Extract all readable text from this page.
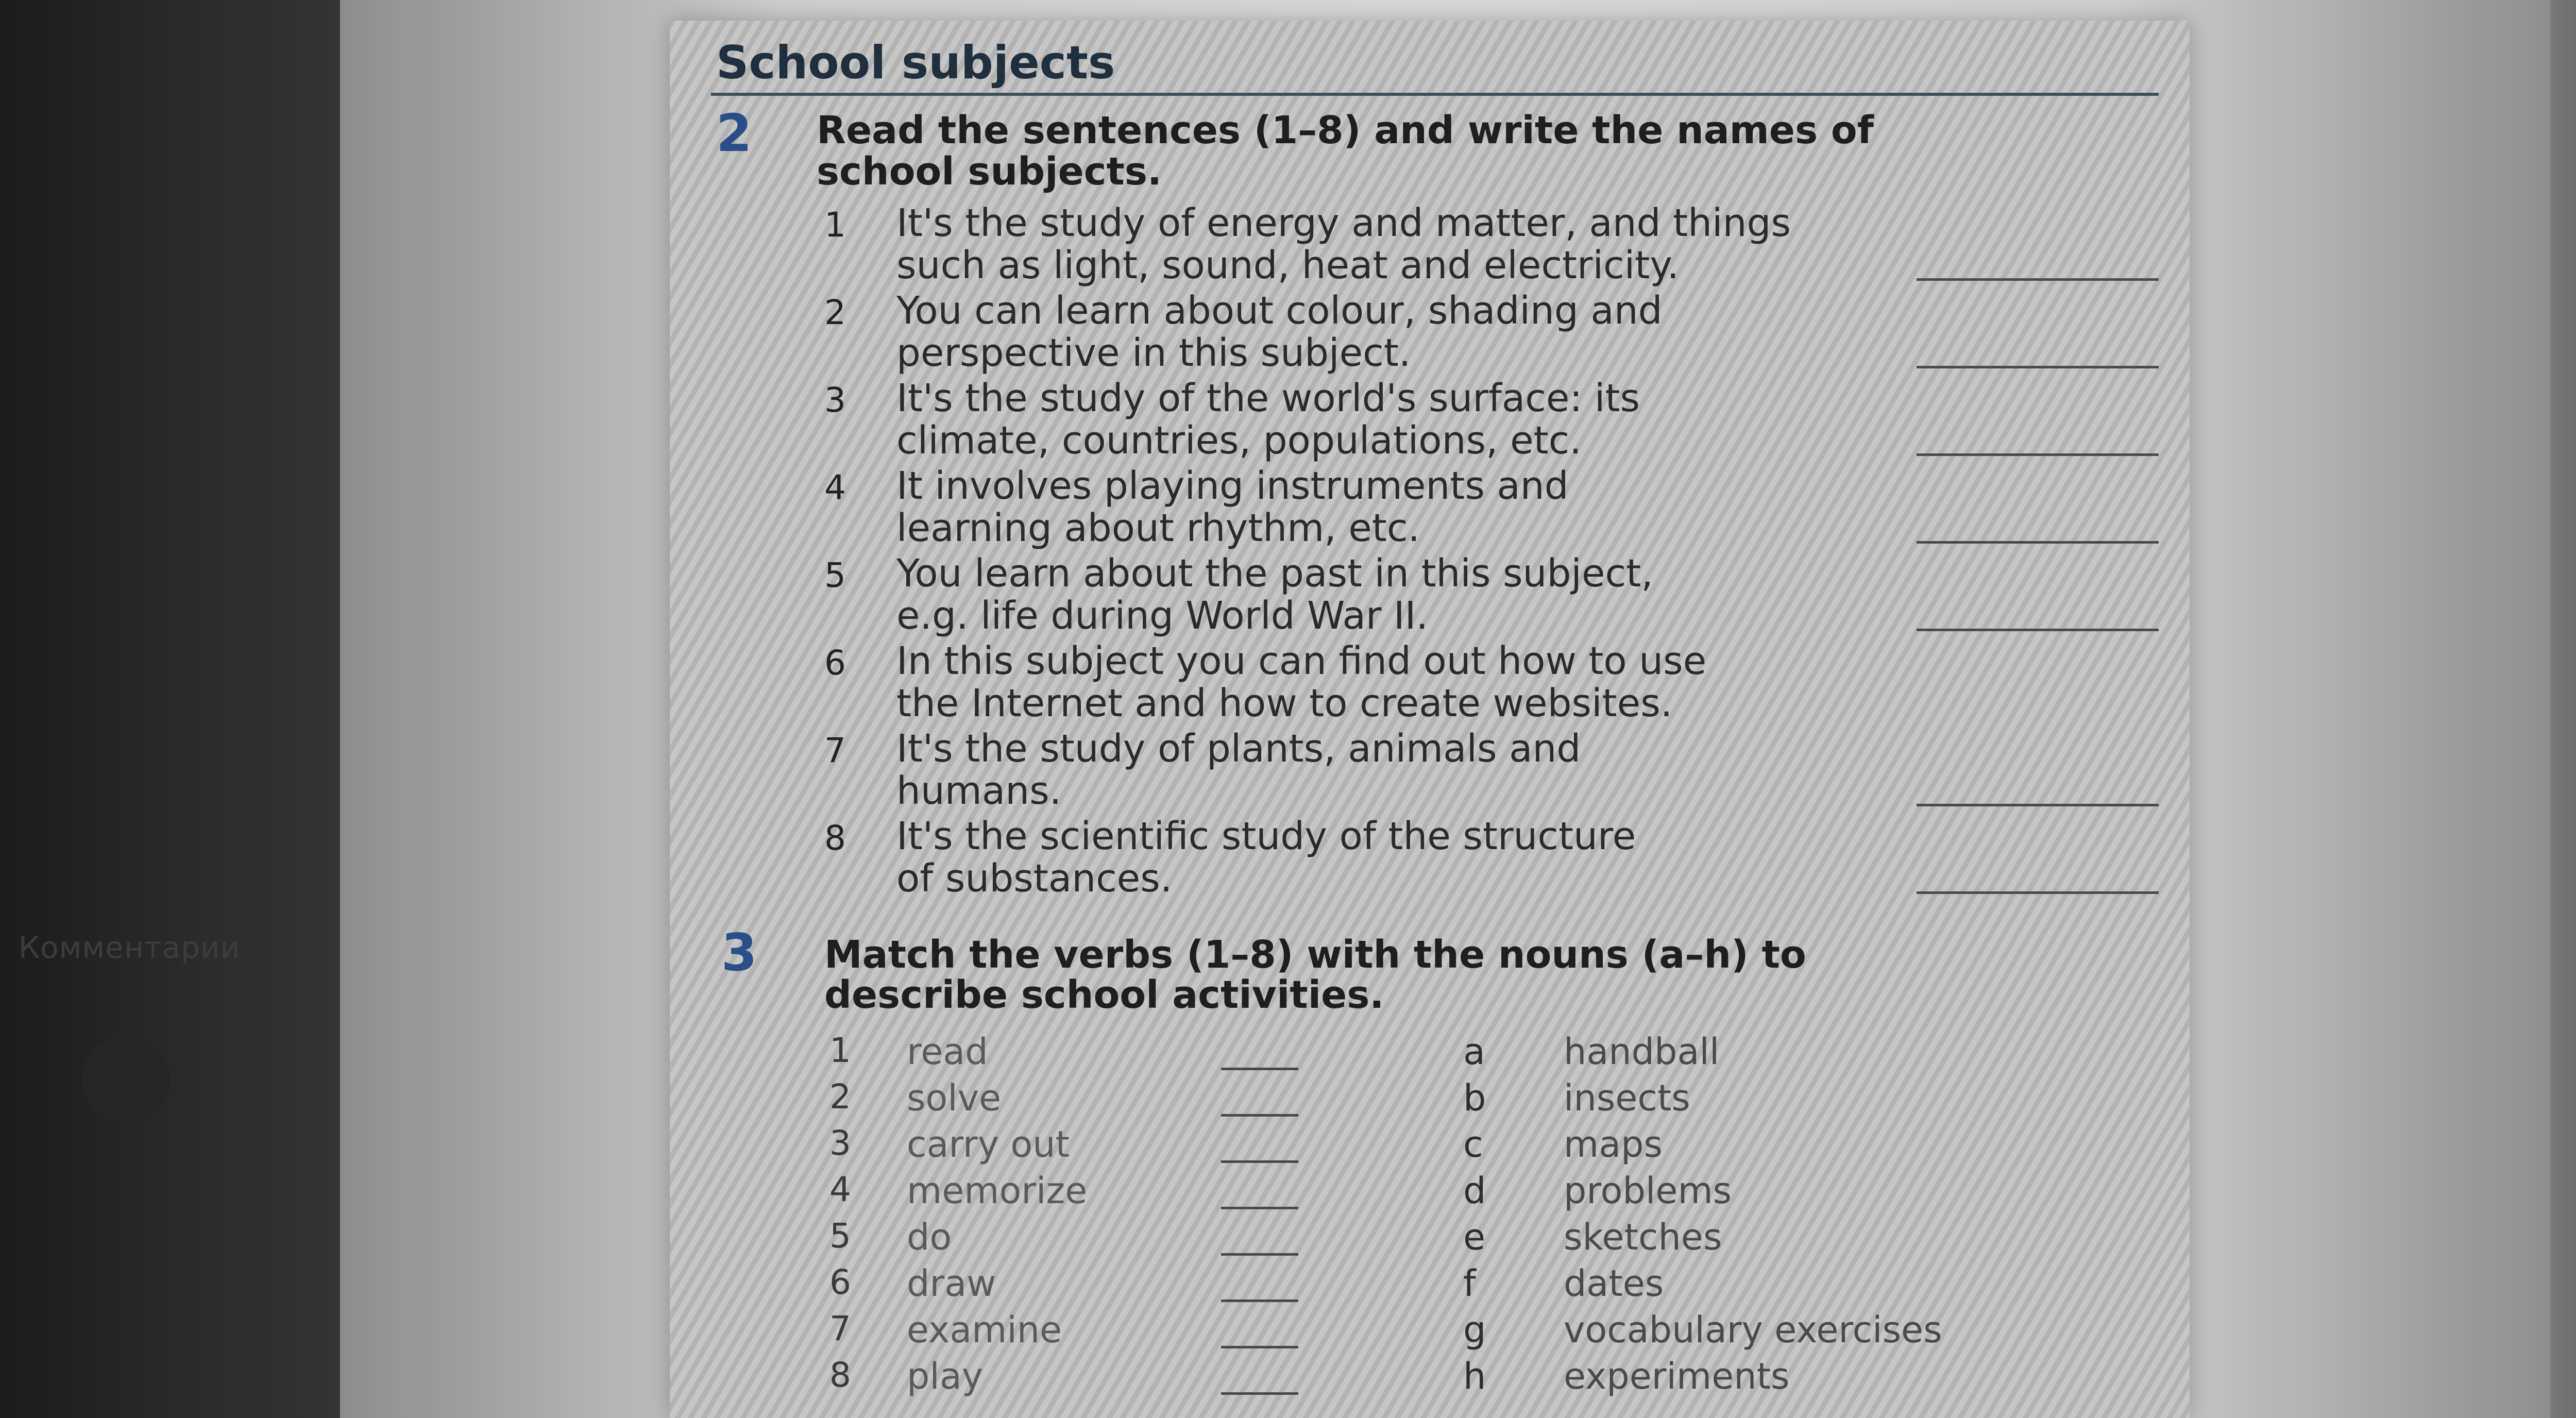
Комментарии
School subjects
2 Read the sentences (1–8) and write the names of
school subjects.
1 It's the study of energy and matter, and things
such as light, sound, heat and electricity.
2 You can learn about colour, shading and
perspective in this subject.
3 It's the study of the world's surface: its
climate, countries, populations, etc.
4 It involves playing instruments and
learning about rhythm, etc.
5 You learn about the past in this subject,
e.g. life during World War II.
6 In this subject you can find out how to use
the Internet and how to create websites.
7 It's the study of plants, animals and
humans.
8 It's the scientific study of the structure
of substances.
3 Match the verbs (1–8) with the nouns (a–h) to
describe school activities.
1 read
2 solve
3 carry out
4 memorize
5 do
6 draw
7 examine
8 play
a handball
b insects
c maps
d problems
e sketches
f dates
g vocabulary exercises
h experiments
